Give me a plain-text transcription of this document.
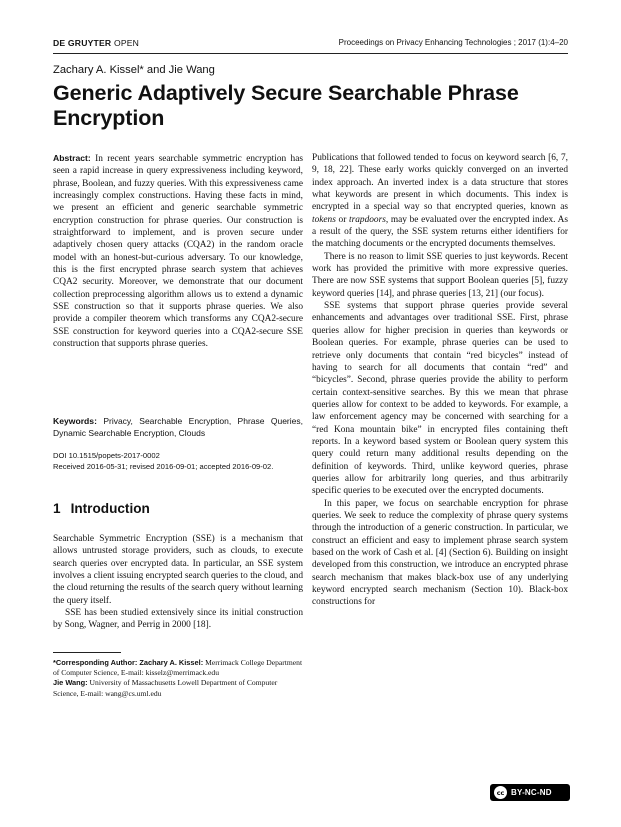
DE GRUYTER OPEN	Proceedings on Privacy Enhancing Technologies ; 2017 (1):4–20
Zachary A. Kissel* and Jie Wang
Generic Adaptively Secure Searchable Phrase Encryption

Abstract: In recent years searchable symmetric encryption has seen a rapid increase in query expressiveness including keyword, phrase, Boolean, and fuzzy queries. With this expressiveness came increasingly complex constructions. Having these facts in mind, we present an efficient and generic searchable symmetric encryption construction for phrase queries. Our construction is straightforward to implement, and is proven secure under adaptively chosen query attacks (CQA2) in the random oracle model with an honest-but-curious adversary. To our knowledge, this is the first encrypted phrase search system that achieves CQA2 security. Moreover, we demonstrate that our document collection preprocessing algorithm allows us to extend a dynamic SSE construction so that it supports phrase queries. We also provide a compiler theorem which transforms any CQA2-secure SSE construction for keyword queries into a CQA2-secure SSE construction that supports phrase queries.

Keywords: Privacy, Searchable Encryption, Phrase Queries, Dynamic Searchable Encryption, Clouds

DOI 10.1515/popets-2017-0002
Received 2016-05-31; revised 2016-09-01; accepted 2016-09-02.
1 Introduction

Searchable Symmetric Encryption (SSE) is a mechanism that allows untrusted storage providers, such as clouds, to execute search queries over encrypted data. In particular, an SSE system involves a client issuing encrypted search queries to the cloud, and the cloud returning the results of the search query without learning the query itself.

SSE has been studied extensively since its initial construction by Song, Wagner, and Perrig in 2000 [18].

*Corresponding Author: Zachary A. Kissel: Merrimack College Department of Computer Science, E-mail: kisselz@merrimack.edu

Jie Wang: University of Massachusetts Lowell Department of Computer Science, E-mail: wang@cs.uml.edu

Publications that followed tended to focus on keyword search [6, 7, 9, 18, 22]. These early works quickly converged on an inverted index approach. An inverted index is a data structure that stores what keywords are present in which documents. This index is encrypted in a special way so that encrypted queries, known as tokens or trapdoors, may be evaluated over the encrypted index. As a result of the query, the SSE system returns either identifiers for the matching documents or the encrypted documents themselves.

There is no reason to limit SSE queries to just keywords. Recent work has provided the primitive with more expressive queries. There are now SSE systems that support Boolean queries [5], fuzzy keyword queries [14], and phrase queries [13, 21] (our focus).

SSE systems that support phrase queries provide several enhancements and advantages over traditional SSE. First, phrase queries allow for higher precision in queries than keywords or Boolean queries. For example, phrase queries can be used to retrieve only documents that contain “red bicycles” instead of having to search for all documents that contain “red” and “bicycles”. Second, phrase queries provide the ability to perform certain context-sensitive searches. By this we mean that phrase queries allow for context to be added to keywords. For example, a law enforcement agency may be concerned with searching for a “red Kona mountain bike” in encrypted files containing theft reports. In a keyword based system or Boolean query system this query could return many additional results depending on the definition of keywords. Third, unlike keyword queries, phrase queries allow for arbitrarily long queries, and thus arbitrarily specific queries to be executed over the encrypted documents.

In this paper, we focus on searchable encryption for phrase queries. We seek to reduce the complexity of phrase query systems through the introduction of a generic construction. In particular, we construct an efficient and easy to implement phrase search system based on the work of Cash et al. [4] (Section 6). Building on insight developed from this construction, we introduce an encrypted phrase search mechanism that makes black-box use of any underlying keyword encrypted search mechanism (Section 10). Black-box constructions for

cc BY-NC-ND
